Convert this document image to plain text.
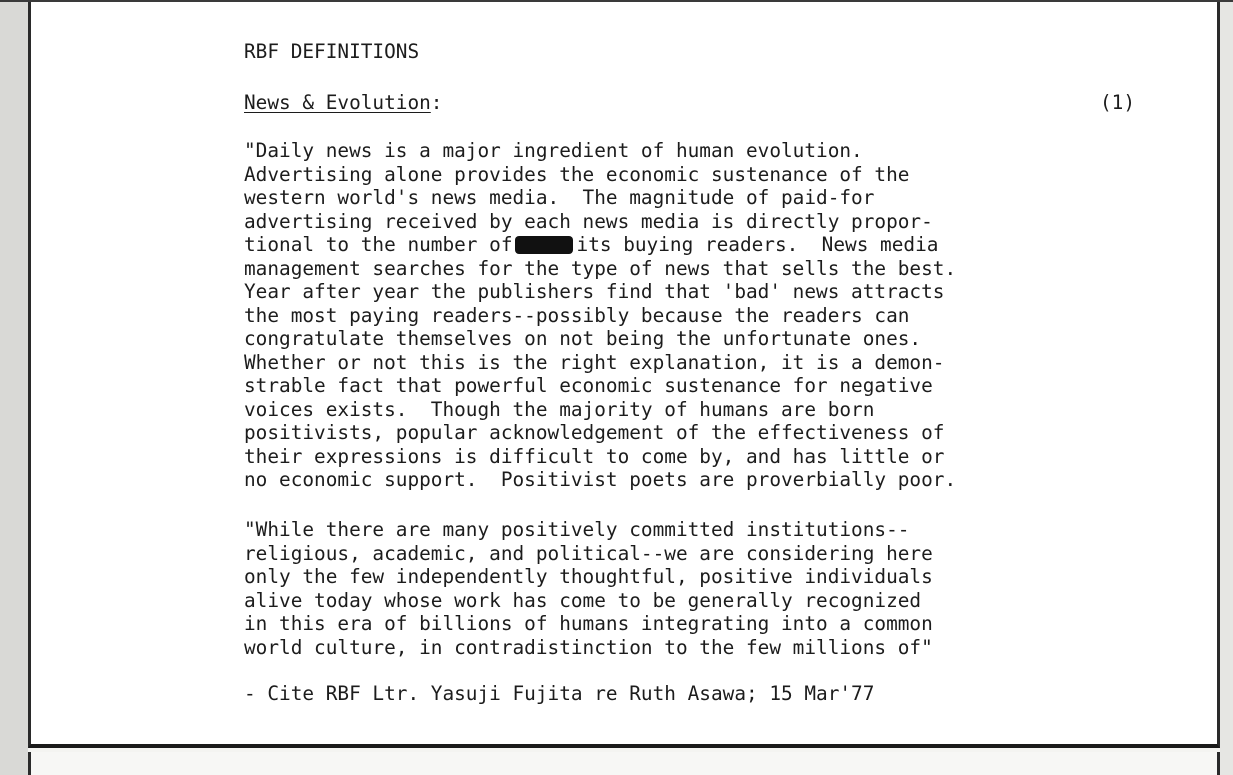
RBF DEFINITIONS
News & Evolution:	(1)
"Daily news is a major ingredient of human evolution.
Advertising alone provides the economic sustenance of the
western world's news media.  The magnitude of paid-for
advertising received by each news media is directly propor-
tional to the number of	its buying readers.  News media
management searches for the type of news that sells the best.
Year after year the publishers find that 'bad' news attracts
the most paying readers--possibly because the readers can
congratulate themselves on not being the unfortunate ones.
Whether or not this is the right explanation, it is a demon-
strable fact that powerful economic sustenance for negative
voices exists.  Though the majority of humans are born
positivists, popular acknowledgement of the effectiveness of
their expressions is difficult to come by, and has little or
no economic support.  Positivist poets are proverbially poor.
"While there are many positively committed institutions--
religious, academic, and political--we are considering here
only the few independently thoughtful, positive individuals
alive today whose work has come to be generally recognized
in this era of billions of humans integrating into a common
world culture, in contradistinction to the few millions of"
- Cite RBF Ltr. Yasuji Fujita re Ruth Asawa; 15 Mar'77
